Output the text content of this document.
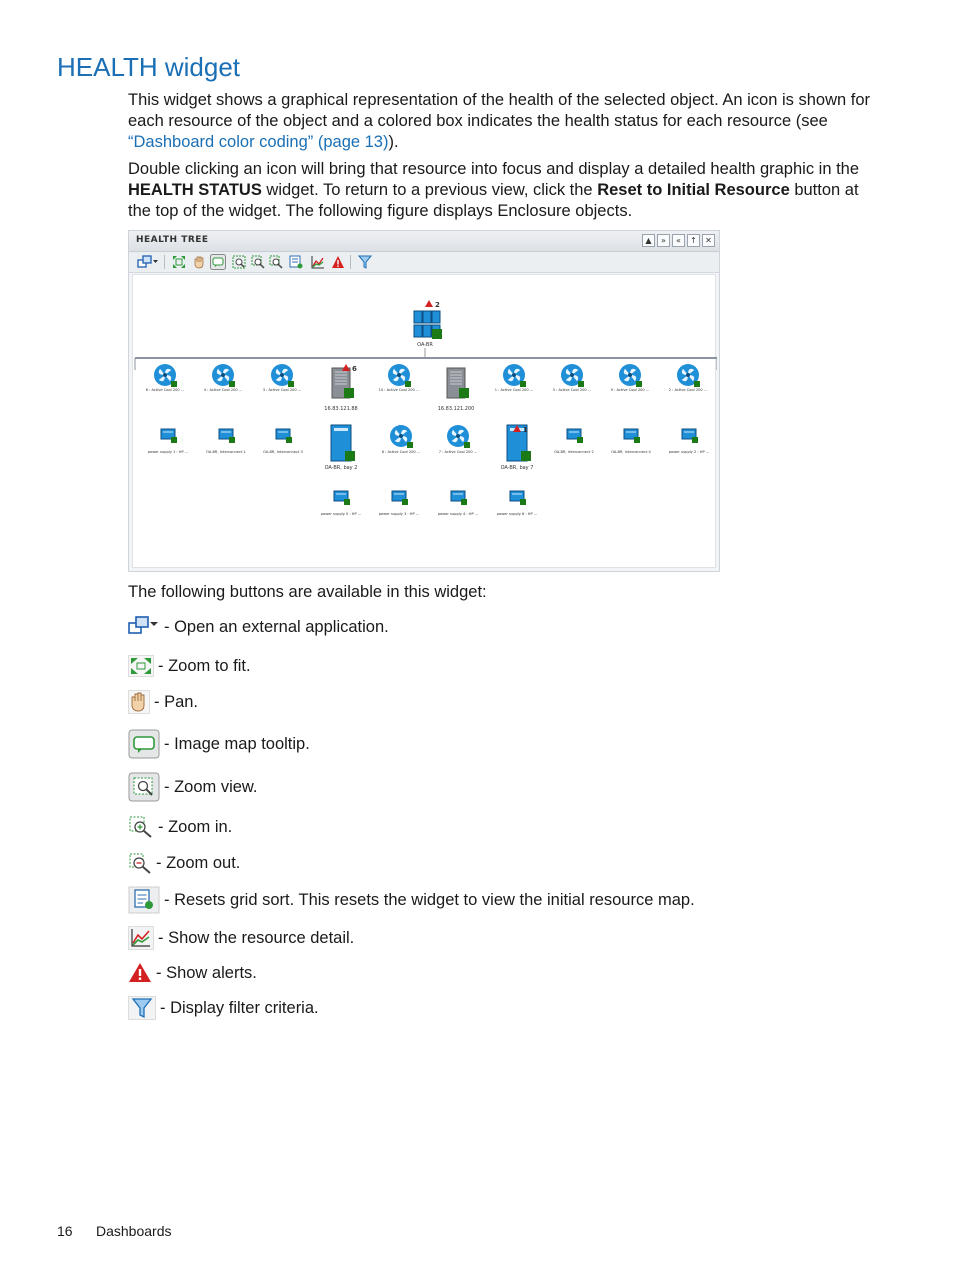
HEALTH widget

This widget shows a graphical representation of the health of the selected object. An icon is shown for each resource of the object and a colored box indicates the health status for each resource (see “Dashboard color coding” (page 13)).

Double clicking an icon will bring that resource into focus and display a detailed health graphic in the HEALTH STATUS widget. To return to a previous view, click the Reset to Initial Resource button at the top of the widget. The following figure displays Enclosure objects.

HEALTH TREE	▲	»	«	↑	✕
2
OA-BR
6 : Active Cool 200 ...	4 : Active Cool 200 ...	3 : Active Cool 200 ...
16.83.121.88
6
10 : Active Cool 200 ...
16.83.121.200
1 : Active Cool 200 ...	5 : Active Cool 200 ...	9 : Active Cool 200 ...	2 : Active Cool 200 ...
power supply 1 : HP ...	OA-BR, Interconnect 1	OA-BR, Interconnect 3
OA-BR, bay 2
8 : Active Cool 200 ...	7 : Active Cool 200 ...
OA-BR, bay 7
1
OA-BR, Interconnect 2	OA-BR, Interconnect 4	power supply 2 : HP ...
power supply 5 : HP ...	power supply 3 : HP ...	power supply 4 : HP ...	power supply 6 : HP ...

The following buttons are available in this widget:

- Open an external application.
- Zoom to fit.
- Pan.
- Image map tooltip.
- Zoom view.
- Zoom in.
- Zoom out.
- Resets grid sort. This resets the widget to view the initial resource map.
- Show the resource detail.
- Show alerts.
- Display filter criteria.
16 Dashboards
